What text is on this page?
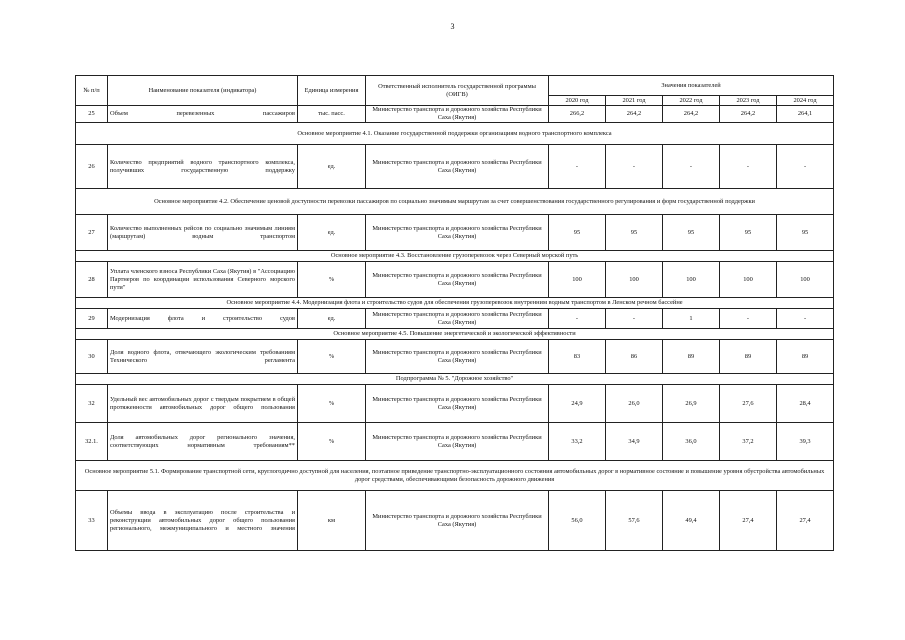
3
№ п/п	Наименование показателя (индикатора)	Единица измерения	Ответственный исполнитель государственной программы (ОИГВ)	Значения показателей				
				2020 год	2021 год	2022 год	2023 год	2024 год
25	Объем перевезенных пассажиров	тыс. пасс.	Министерство транспорта и дорожного хозяйства Республики Саха (Якутия)	266,2	264,2	264,2	264,2	264,1
Основное мероприятие 4.1. Оказание государственной поддержки организациям водного транспортного комплекса								
26	Количество предприятий водного транспортного комплекса, получивших государственную поддержку	ед.	Министерство транспорта и дорожного хозяйства Республики Саха (Якутия)	-	-	-	-	-
Основное мероприятие 4.2. Обеспечение ценовой доступности перевозки пассажиров по социально значимым маршрутам за счет совершенствования государственного регулирования и форм государственной поддержки								
27	Количество выполненных рейсов по социально значимым линиям (маршрутам) водным транспортом	ед.	Министерство транспорта и дорожного хозяйства Республики Саха (Якутия)	95	95	95	95	95
Основное мероприятие 4.3. Восстановление грузоперевозок через Северный морской путь								
28	Уплата членского взноса Республики Саха (Якутия) в "Ассоциацию Партнеров по координации использования Северного морского пути"	%	Министерство транспорта и дорожного хозяйства Республики Саха (Якутия)	100	100	100	100	100
Основное мероприятие 4.4. Модернизация флота и строительство судов для обеспечения грузоперевозок внутренним водным транспортом в Ленском речном бассейне								
29	Модернизация флота и строительство судов	ед.	Министерство транспорта и дорожного хозяйства Республики Саха (Якутия)	-	-	1	-	-
Основное мероприятие 4.5. Повышение энергетической и экологической эффективности								
30	Доля водного флота, отвечающего экологическим требованиям Технического регламента	%	Министерство транспорта и дорожного хозяйства Республики Саха (Якутия)	83	86	89	89	89
Подпрограмма № 5. "Дорожное хозяйство"								
32	Удельный вес автомобильных дорог с твердым покрытием в общей протяженности автомобильных дорог общего пользования	%	Министерство транспорта и дорожного хозяйства Республики Саха (Якутия)	24,9	26,0	26,9	27,6	28,4
32.1.	Доля автомобильных дорог регионального значения, соответствующих нормативным требованиям**	%	Министерство транспорта и дорожного хозяйства Республики Саха (Якутия)	33,2	34,9	36,0	37,2	39,3
Основное мероприятие 5.1. Формирование транспортной сети, круглогодично доступной для населения, поэтапное приведение транспортно-эксплуатационного состояния автомобильных дорог в нормативное состояние и повышение уровня обустройства автомобильных дорог средствами, обеспечивающими безопасность дорожного движения								
33	Объемы ввода в эксплуатацию после строительства и реконструкции автомобильных дорог общего пользования регионального, межмуниципального и местного значения	км	Министерство транспорта и дорожного хозяйства Республики Саха (Якутия)	56,0	57,6	49,4	27,4	27,4
